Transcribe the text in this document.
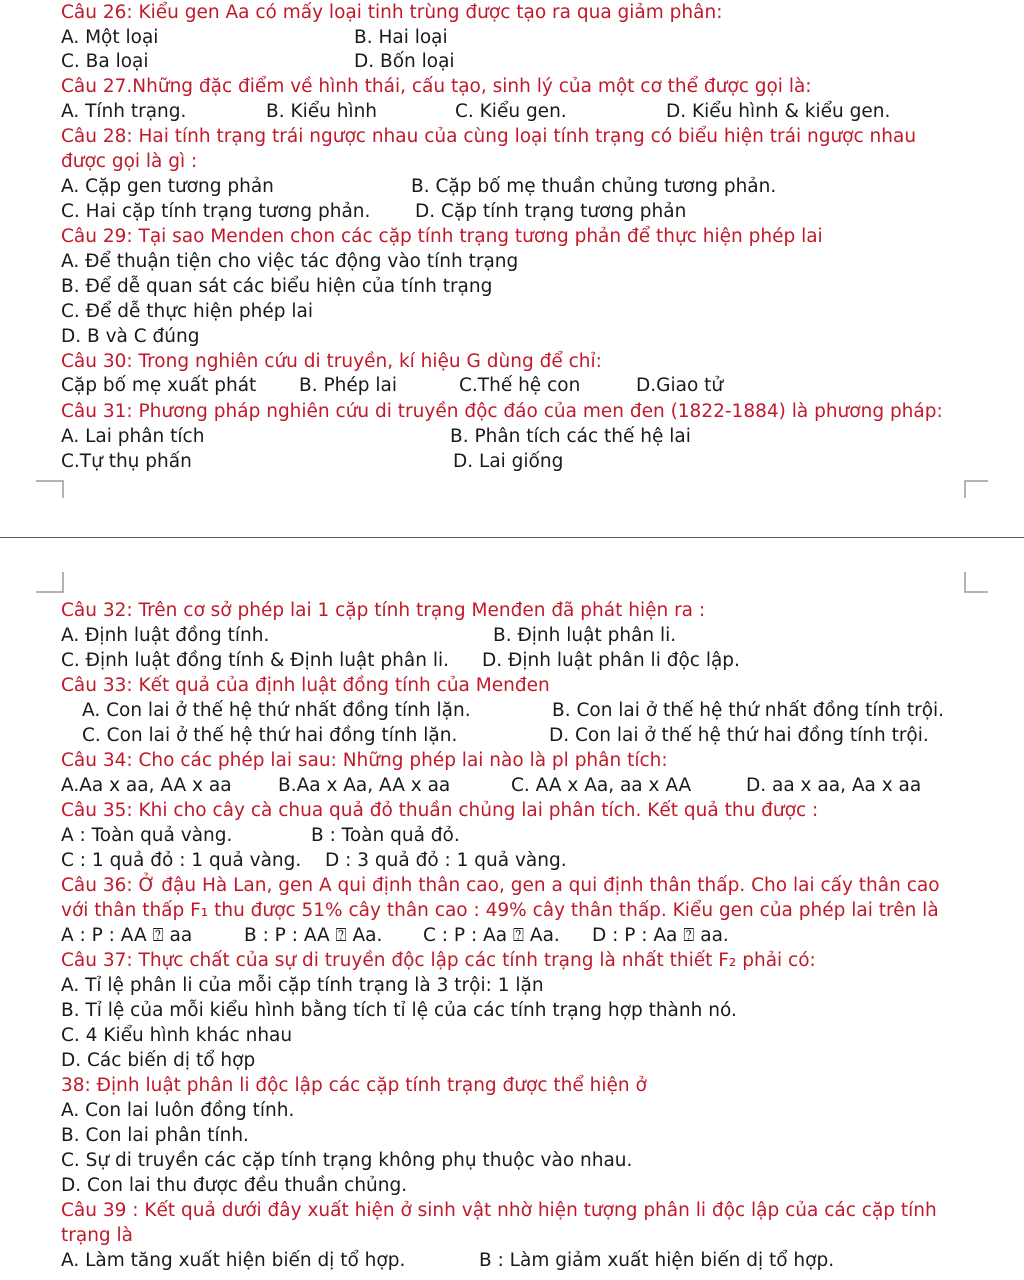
Câu 26: Kiểu gen Aa có mấy loại tinh trùng được tạo ra qua giảm phân:
A. Một loại	B. Hai loại
C. Ba loại	D. Bốn loại
Câu 27.Những đặc điểm về hình thái, cấu tạo, sinh lý của một cơ thể được gọi là:
A. Tính trạng.	B. Kiểu hình	C. Kiểu gen.	D. Kiểu hình & kiểu gen.
Câu 28: Hai tính trạng trái ngược nhau của cùng loại tính trạng có biểu hiện trái ngược nhau
được gọi là gì :
A. Cặp gen tương phản	B. Cặp bố mẹ thuần chủng tương phản.
C. Hai cặp tính trạng tương phản. D. Cặp tính trạng tương phản
Câu 29: Tại sao Menden chon các cặp tính trạng tương phản để thực hiện phép lai
A. Để thuận tiện cho việc tác động vào tính trạng
B. Để dễ quan sát các biểu hiện của tính trạng
C. Để dễ thực hiện phép lai
D. B và C đúng
Câu 30: Trong nghiên cứu di truyền, kí hiệu G dùng để chỉ:
Cặp bố mẹ xuất phát B. Phép lai	C.Thế hệ con	D.Giao tử
Câu 31: Phương pháp nghiên cứu di truyền độc đáo của men đen (1822-1884) là phương pháp:
A. Lai phân tích	B. Phân tích các thế hệ lai
C.Tự thụ phấn	D. Lai giống
Câu 32: Trên cơ sở phép lai 1 cặp tính trạng Menđen đã phát hiện ra :
A. Định luật đồng tính.	B. Định luật phân li.
C. Định luật đồng tính & Định luật phân li. D. Định luật phân li độc lập.
Câu 33: Kết quả của định luật đồng tính của Menđen
A. Con lai ở thế hệ thứ nhất đồng tính lặn.	B. Con lai ở thế hệ thứ nhất đồng tính trội.
C. Con lai ở thế hệ thứ hai đồng tính lặn.	D. Con lai ở thế hệ thứ hai đồng tính trội.
Câu 34: Cho các phép lai sau: Những phép lai nào là pl phân tích:
A.Aa x aa, AA x aa	B.Aa x Aa, AA x aa	C. AA x Aa, aa x AA	D. aa x aa, Aa x aa
Câu 35: Khi cho cây cà chua quả đỏ thuần chủng lai phân tích. Kết quả thu được :
A : Toàn quả vàng.	B : Toàn quả đỏ.
C : 1 quả đỏ : 1 quả vàng. D : 3 quả đỏ : 1 quả vàng.
Câu 36: Ở đậu Hà Lan, gen A qui định thân cao, gen a qui định thân thấp. Cho lai cấy thân cao
với thân thấp F₁ thu được 51% cây thân cao : 49% cây thân thấp. Kiểu gen của phép lai trên là
A : P : AA ⍰ aa	B : P : AA ⍰ Aa. C : P : Aa ⍰ Aa. D : P : Aa ⍰ aa.
Câu 37: Thực chất của sự di truyền độc lập các tính trạng là nhất thiết F₂ phải có:
A. Tỉ lệ phân li của mỗi cặp tính trạng là 3 trội: 1 lặn
B. Tỉ lệ của mỗi kiểu hình bằng tích tỉ lệ của các tính trạng hợp thành nó.
C. 4 Kiểu hình khác nhau
D. Các biến dị tổ hợp
38: Định luật phân li độc lập các cặp tính trạng được thể hiện ở
A. Con lai luôn đồng tính.
B. Con lai phân tính.
C. Sự di truyền các cặp tính trạng không phụ thuộc vào nhau.
D. Con lai thu được đều thuần chủng.
Câu 39 : Kết quả dưới đây xuất hiện ở sinh vật nhờ hiện tượng phân li độc lập của các cặp tính
trạng là
A. Làm tăng xuất hiện biến dị tổ hợp.	B : Làm giảm xuất hiện biến dị tổ hợp.
